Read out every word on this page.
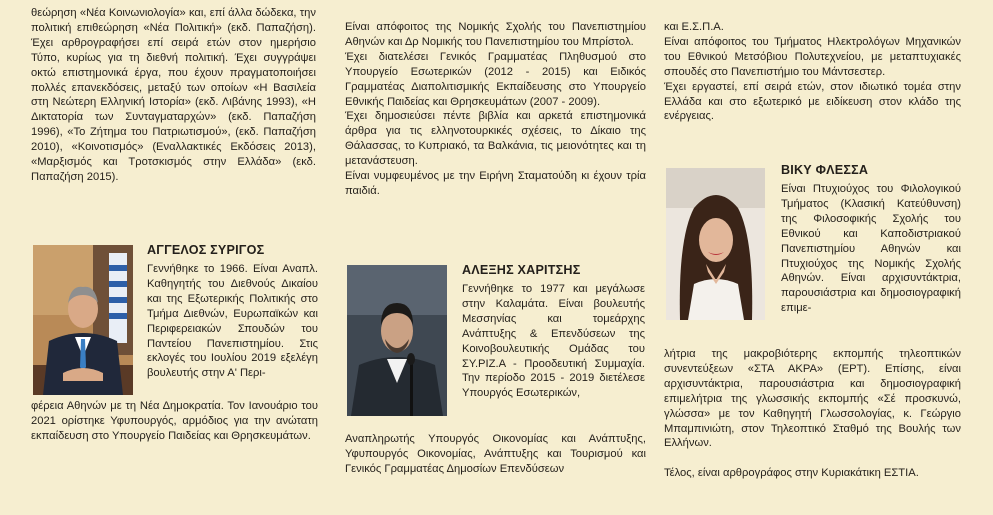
θεώρηση «Νέα Κοινωνιολογία» και, επί άλλα δώδεκα, την πολιτική επιθεώρηση «Νέα Πολιτική» (εκδ. Παπαζήση). Έχει αρθρογραφήσει επί σειρά ετών στον ημερήσιο Τύπο, κυρίως για τη διεθνή πολιτική. Έχει συγγράψει οκτώ επιστημονικά έργα, που έχουν πραγματοποιήσει πολλές επανεκδόσεις, μεταξύ των οποίων «Η Βασιλεία στη Νεώτερη Ελληνική Ιστορία» (εκδ. Λιβάνης 1993), «Η Δικτατορία των Συνταγματαρχών» (εκδ. Παπαζήση 1996), «Το Ζήτημα του Πατριωτισμού», (εκδ. Παπαζήση 2010), «Κοινοτισμός» (Εναλλακτικές Εκδόσεις 2013), «Μαρξισμός και Τροτσκισμός στην Ελλάδα» (εκδ. Παπαζήση 2015).

ΑΓΓΕΛΟΣ ΣΥΡΙΓΟΣ

Γεννήθηκε το 1966. Είναι Αναπλ. Καθηγητής του Διεθνούς Δικαίου και της Εξωτερικής Πολιτικής στο Τμήμα Διεθνών, Ευρωπαϊκών και Περιφερειακών Σπουδών του Παντείου Πανεπιστημίου. Στις εκλογές του Ιουλίου 2019 εξελέγη βουλευτής στην Α' Περι-

φέρεια Αθηνών με τη Νέα Δημοκρατία. Τον Ιανουάριο του 2021 ορίστηκε Υφυπουργός, αρμόδιος για την ανώτατη εκπαίδευση στο Υπουργείο Παιδείας και Θρησκευμάτων.

Είναι απόφοιτος της Νομικής Σχολής του Πανεπιστημίου Αθηνών και Δρ Νομικής του Πανεπιστημίου του Μπρίστολ.

Έχει διατελέσει Γενικός Γραμματέας Πληθυσμού στο Υπουργείο Εσωτερικών (2012 - 2015) και Ειδικός Γραμματέας Διαπολιτισμικής Εκπαίδευσης στο Υπουργείο Εθνικής Παιδείας και Θρησκευμάτων (2007 - 2009).

Έχει δημοσιεύσει πέντε βιβλία και αρκετά επιστημονικά άρθρα για τις ελληνοτουρκικές σχέσεις, το Δίκαιο της Θάλασσας, το Κυπριακό, τα Βαλκάνια, τις μειονότητες και τη μετανάστευση.

Είναι νυμφευμένος με την Ειρήνη Σταματούδη κι έχουν τρία παιδιά.

ΑΛΕΞΗΣ ΧΑΡΙΤΣΗΣ

Γεννήθηκε το 1977 και μεγάλωσε στην Καλαμάτα. Είναι βουλευτής Μεσσηνίας και τομεάρχης Ανάπτυξης & Επενδύσεων της Κοινοβουλευτικής Ομάδας του ΣΥ.ΡΙΖ.Α - Προοδευτική Συμμαχία. Την περίοδο 2015 - 2019 διετέλεσε Υπουργός Εσωτερικών,

Αναπληρωτής Υπουργός Οικονομίας και Ανάπτυξης, Υφυπουργός Οικονομίας, Ανάπτυξης και Τουρισμού και Γενικός Γραμματέας Δημοσίων Επενδύσεων

και Ε.Σ.Π.Α.

Είναι απόφοιτος του Τμήματος Ηλεκτρολόγων Μηχανικών του Εθνικού Μετσόβιου Πολυτεχνείου, με μεταπτυχιακές σπουδές στο Πανεπιστήμιο του Μάντσεστερ.

Έχει εργαστεί, επί σειρά ετών, στον ιδιωτικό τομέα στην Ελλάδα και στο εξωτερικό με ειδίκευση στον κλάδο της ενέργειας.

ΒΙΚΥ ΦΛΕΣΣΑ

Είναι Πτυχιούχος του Φιλολογικού Τμήματος (Κλασική Κατεύθυνση) της Φιλοσοφικής Σχολής του Εθνικού και Καποδιστριακού Πανεπιστημίου Αθηνών και Πτυχιούχος της Νομικής Σχολής Αθηνών. Είναι αρχισυντάκτρια, παρουσιάστρια και δημοσιογραφική επιμε-

λήτρια της μακροβιότερης εκπομπής τηλεοπτικών συνεντεύξεων «ΣΤΑ ΑΚΡΑ» (ΕΡΤ). Επίσης, είναι αρχισυντάκτρια, παρουσιάστρια και δημοσιογραφική επιμελήτρια της γλωσσικής εκπομπής «Σέ προσκυνώ, γλώσσα» με τον Καθηγητή Γλωσσολογίας, κ. Γεώργιο Μπαμπινιώτη, στον Τηλεοπτικό Σταθμό της Βουλής των Ελλήνων.

Τέλος, είναι αρθρογράφος στην Κυριακάτικη ΕΣΤΙΑ.
